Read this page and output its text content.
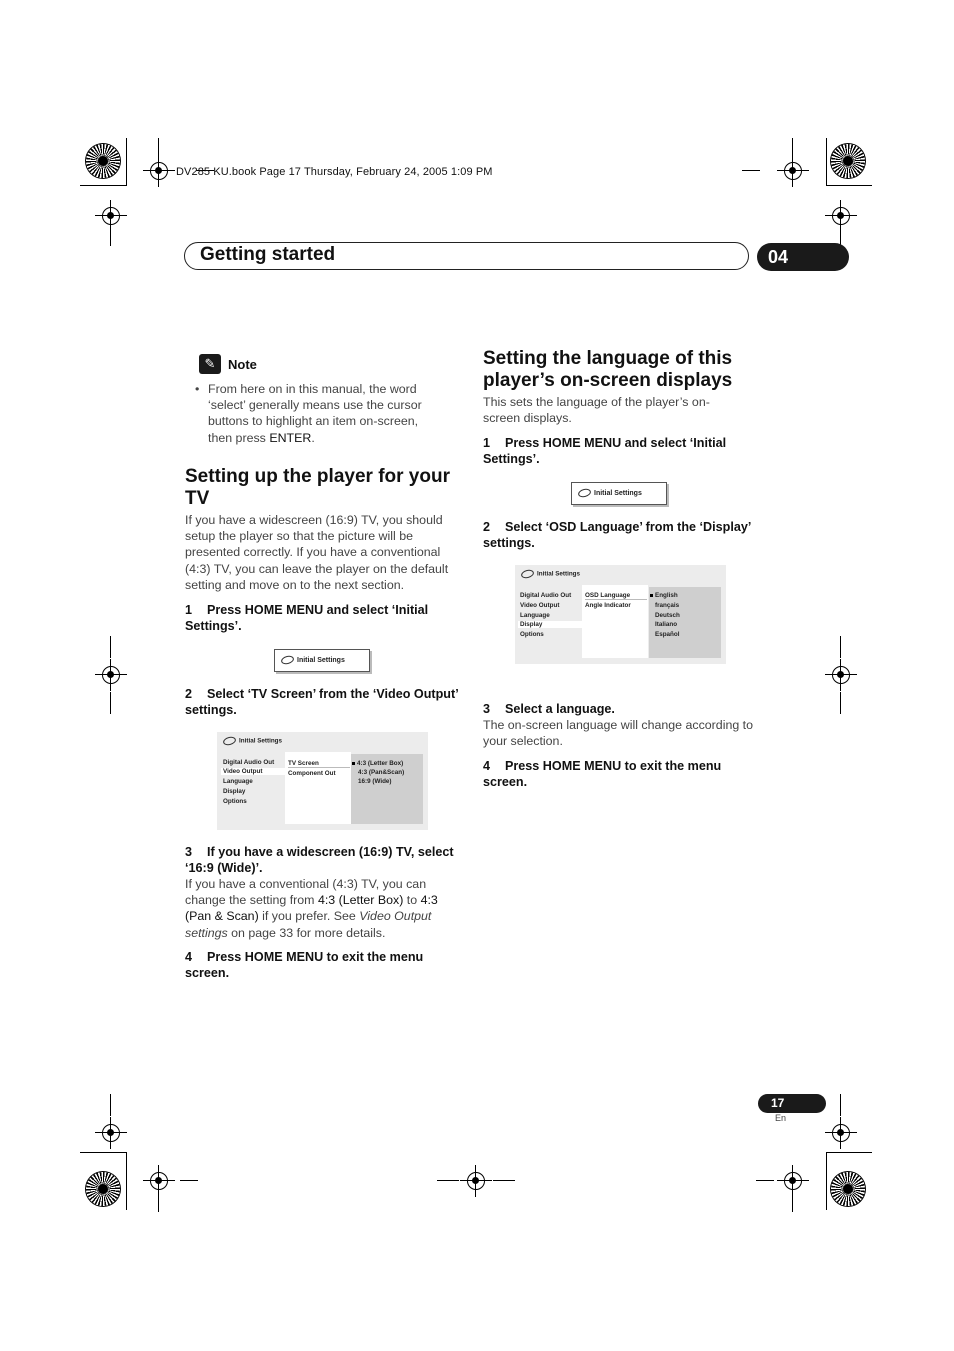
DV285 KU.book Page 17 Thursday, February 24, 2005 1:09 PM
Getting started	04
✎ Note
• From here on in this manual, the word ‘select’ generally means use the cursor buttons to highlight an item on-screen, then press ENTER.
Setting up the player for your TV
If you have a widescreen (16:9) TV, you should setup the player so that the picture will be presented correctly. If you have a conventional (4:3) TV, you can leave the player on the default setting and move on to the next section.
1 Press HOME MENU and select ‘Initial Settings’.
Initial Settings
2 Select ‘TV Screen’ from the ‘Video Output’ settings.
Initial Settings
Digital Audio Out
Video Output
Language
Display
Options
TV Screen
Component Out
4:3 (Letter Box)
4:3 (Pan&Scan)
16:9 (Wide)
3 If you have a widescreen (16:9) TV, select ‘16:9 (Wide)’.
If you have a conventional (4:3) TV, you can change the setting from 4:3 (Letter Box) to 4:3 (Pan & Scan) if you prefer. See Video Output settings on page 33 for more details.
4 Press HOME MENU to exit the menu screen.
Setting the language of this player’s on-screen displays
This sets the language of the player’s on-screen displays.
1 Press HOME MENU and select ‘Initial Settings’.
Initial Settings
2 Select ‘OSD Language’ from the ‘Display’ settings.
Initial Settings
Digital Audio Out
Video Output
Language
Display
Options
OSD Language
Angle Indicator
English
français
Deutsch
Italiano
Español
3 Select a language.
The on-screen language will change according to your selection.
4 Press HOME MENU to exit the menu screen.
17
En
